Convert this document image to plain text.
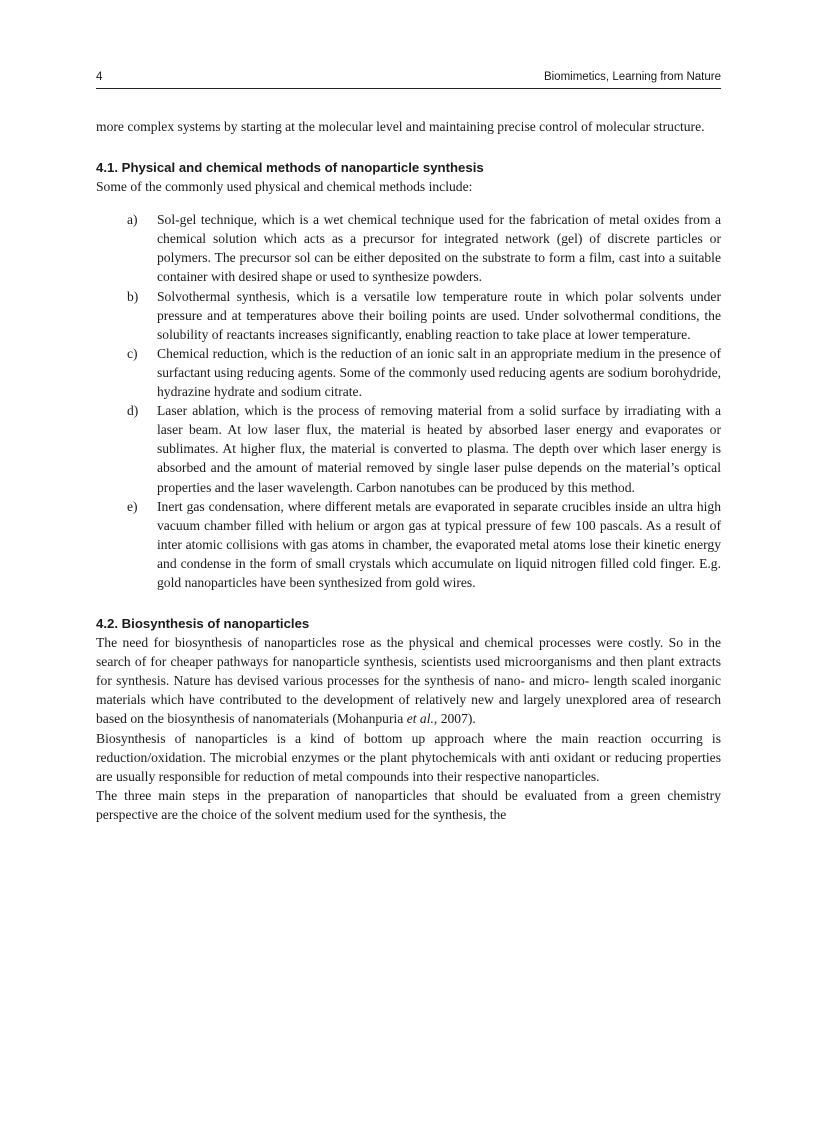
4	Biomimetics, Learning from Nature

more complex systems by starting at the molecular level and maintaining precise control of molecular structure.

4.1. Physical and chemical methods of nanoparticle synthesis

Some of the commonly used physical and chemical methods include:

a) Sol-gel technique, which is a wet chemical technique used for the fabrication of metal oxides from a chemical solution which acts as a precursor for integrated network (gel) of discrete particles or polymers. The precursor sol can be either deposited on the substrate to form a film, cast into a suitable container with desired shape or used to synthesize powders.
b) Solvothermal synthesis, which is a versatile low temperature route in which polar solvents under pressure and at temperatures above their boiling points are used. Under solvothermal conditions, the solubility of reactants increases significantly, enabling reaction to take place at lower temperature.
c) Chemical reduction, which is the reduction of an ionic salt in an appropriate medium in the presence of surfactant using reducing agents. Some of the commonly used reducing agents are sodium borohydride, hydrazine hydrate and sodium citrate.
d) Laser ablation, which is the process of removing material from a solid surface by irradiating with a laser beam. At low laser flux, the material is heated by absorbed laser energy and evaporates or sublimates. At higher flux, the material is converted to plasma. The depth over which laser energy is absorbed and the amount of material removed by single laser pulse depends on the material’s optical properties and the laser wavelength. Carbon nanotubes can be produced by this method.
e) Inert gas condensation, where different metals are evaporated in separate crucibles inside an ultra high vacuum chamber filled with helium or argon gas at typical pressure of few 100 pascals. As a result of inter atomic collisions with gas atoms in chamber, the evaporated metal atoms lose their kinetic energy and condense in the form of small crystals which accumulate on liquid nitrogen filled cold finger. E.g. gold nanoparticles have been synthesized from gold wires.
4.2. Biosynthesis of nanoparticles

The need for biosynthesis of nanoparticles rose as the physical and chemical processes were costly. So in the search of for cheaper pathways for nanoparticle synthesis, scientists used microorganisms and then plant extracts for synthesis. Nature has devised various processes for the synthesis of nano- and micro- length scaled inorganic materials which have contributed to the development of relatively new and largely unexplored area of research based on the biosynthesis of nanomaterials (Mohanpuria et al., 2007).

Biosynthesis of nanoparticles is a kind of bottom up approach where the main reaction occurring is reduction/oxidation. The microbial enzymes or the plant phytochemicals with anti oxidant or reducing properties are usually responsible for reduction of metal compounds into their respective nanoparticles.

The three main steps in the preparation of nanoparticles that should be evaluated from a green chemistry perspective are the choice of the solvent medium used for the synthesis, the
